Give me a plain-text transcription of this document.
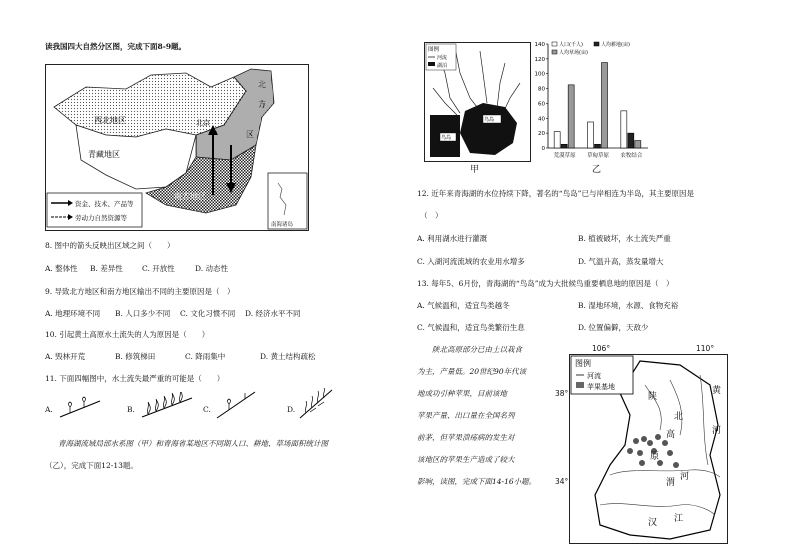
读我国四大自然分区图，完成下面8-9题。
西北地区
青藏地区
北
方
区
南方地区
北京
资金、技术、产品等
劳动力自然资源等
南海诸岛
8. 图中的箭头反映出区域之间（　　）
A. 整体性 B. 差异性	C. 开放性	D. 动态性
9. 导致北方地区和南方地区输出不同的主要原因是（　）
A. 地理环境不同 B. 人口多少不同 C. 文化习惯不同 D. 经济水平不同
10. 引起黄土高原水土流失的人为原因是（　　）
A. 毁林开荒	B. 修筑梯田	C. 降雨集中	D. 黄土结构疏松
11. 下面四幅图中，水土流失最严重的可能是（　　）
A.	B.	C.	D.
青海湖流域局部水系图（甲）和青海省某地区不同期人口、耕地、草场面积统计图
（乙），完成下面12-13题。
鸟岛
鸟岛
图例
河流
湖泊
甲
0
20
40
60
80
100
120
140
荒漠草原 草甸草原 农牧结合
人口(千人)	人均耕地(亩)
人均草场(亩)
乙
12. 近年来青海湖的水位持续下降，著名的“鸟岛”已与岸相连为半岛，其主要原因是
（　）
A. 利用湖水进行灌溉	B. 植被破坏，水土流失严重
C. 入湖河流流域的农业用水增多	D. 气温升高，蒸发量增大
13. 每年5、6月份，青海湖的“鸟岛”成为大批候鸟重要栖息地的原因是（　）
A. 气候温和，适宜鸟类越冬	B. 湿地环境，水源、食物充裕
C. 气候温和，适宜鸟类繁衍生息	D. 位置偏僻，天敌少
陕北高原部分已由土以栽食
为主，产量低。20世纪90年代该
地成功引种苹果，目前该地
苹果产量、出口量在全国名列
前茅，但苹果溃疡病的发生对
该地区的苹果生产造成了较大
影响，读图，完成下面14-16小题。
106°	110°
38°
34°
图例
河流
苹果基地
陕
北
黄
河
高
原
渭
河
汉 江
